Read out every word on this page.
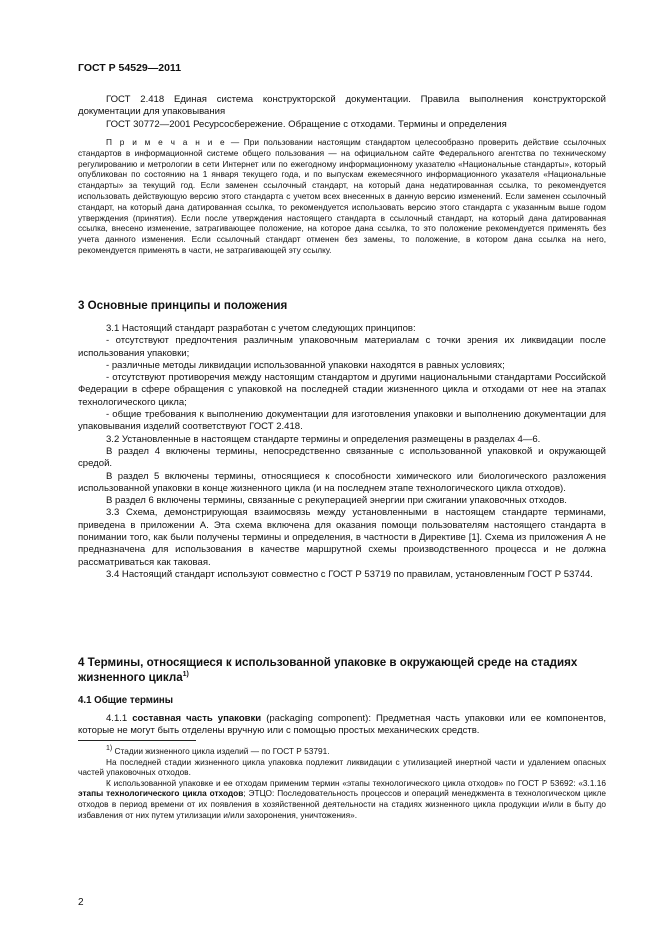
ГОСТ Р 54529—2011

ГОСТ 2.418 Единая система конструкторской документации. Правила выполнения конструкторской документации для упаковывания

ГОСТ 30772—2001 Ресурсосбережение. Обращение с отходами. Термины и определения

П р и м е ч а н и е — При пользовании настоящим стандартом целесообразно проверить действие ссылочных стандартов в информационной системе общего пользования — на официальном сайте Федерального агентства по техническому регулированию и метрологии в сети Интернет или по ежегодному информационному указателю «Национальные стандарты», который опубликован по состоянию на 1 января текущего года, и по выпускам ежемесячного информационного указателя «Национальные стандарты» за текущий год. Если заменен ссылочный стандарт, на который дана недатированная ссылка, то рекомендуется использовать действующую версию этого стандарта с учетом всех внесенных в данную версию изменений. Если заменен ссылочный стандарт, на который дана датированная ссылка, то рекомендуется использовать версию этого стандарта с указанным выше годом утверждения (принятия). Если после утверждения настоящего стандарта в ссылочный стандарт, на который дана датированная ссылка, внесено изменение, затрагивающее положение, на которое дана ссылка, то это положение рекомендуется применять без учета данного изменения. Если ссылочный стандарт отменен без замены, то положение, в котором дана ссылка на него, рекомендуется применять в части, не затрагивающей эту ссылку.

3 Основные принципы и положения

3.1 Настоящий стандарт разработан с учетом следующих принципов:

- отсутствуют предпочтения различным упаковочным материалам с точки зрения их ликвидации после использования упаковки;

- различные методы ликвидации использованной упаковки находятся в равных условиях;

- отсутствуют противоречия между настоящим стандартом и другими национальными стандартами Российской Федерации в сфере обращения с упаковкой на последней стадии жизненного цикла и отходами от нее на этапах технологического цикла;

- общие требования к выполнению документации для изготовления упаковки и выполнению документации для упаковывания изделий соответствуют ГОСТ 2.418.

3.2 Установленные в настоящем стандарте термины и определения размещены в разделах 4—6.

В раздел 4 включены термины, непосредственно связанные с использованной упаковкой и окружающей средой.

В раздел 5 включены термины, относящиеся к способности химического или биологического разложения использованной упаковки в конце жизненного цикла (и на последнем этапе технологического цикла отходов).

В раздел 6 включены термины, связанные с рекуперацией энергии при сжигании упаковочных отходов.

3.3 Схема, демонстрирующая взаимосвязь между установленными в настоящем стандарте терминами, приведена в приложении А. Эта схема включена для оказания помощи пользователям настоящего стандарта в понимании того, как были получены термины и определения, в частности в Директиве [1]. Схема из приложения А не предназначена для использования в качестве маршрутной схемы производственного процесса и не должна рассматриваться как таковая.

3.4 Настоящий стандарт используют совместно с ГОСТ Р 53719 по правилам, установленным ГОСТ Р 53744.

4 Термины, относящиеся к использованной упаковке в окружающей среде на стадиях жизненного цикла$^{1)}$
4.1 Общие термины

4.1.1 составная часть упаковки (packaging component): Предметная часть упаковки или ее компонентов, которые не могут быть отделены вручную или с помощью простых механических средств.

$^{1)}$ Стадии жизненного цикла изделий — по ГОСТ Р 53791.

На последней стадии жизненного цикла упаковка подлежит ликвидации с утилизацией инертной части и удалением опасных частей упаковочных отходов.

К использованной упаковке и ее отходам применим термин «этапы технологического цикла отходов» по ГОСТ Р 53692: «3.1.16 этапы технологического цикла отходов; ЭТЦО: Последовательность процессов и операций менеджмента в технологическом цикле отходов в период времени от их появления в хозяйственной деятельности на стадиях жизненного цикла продукции и/или в быту до избавления от них путем утилизации и/или захоронения, уничтожения».

2
